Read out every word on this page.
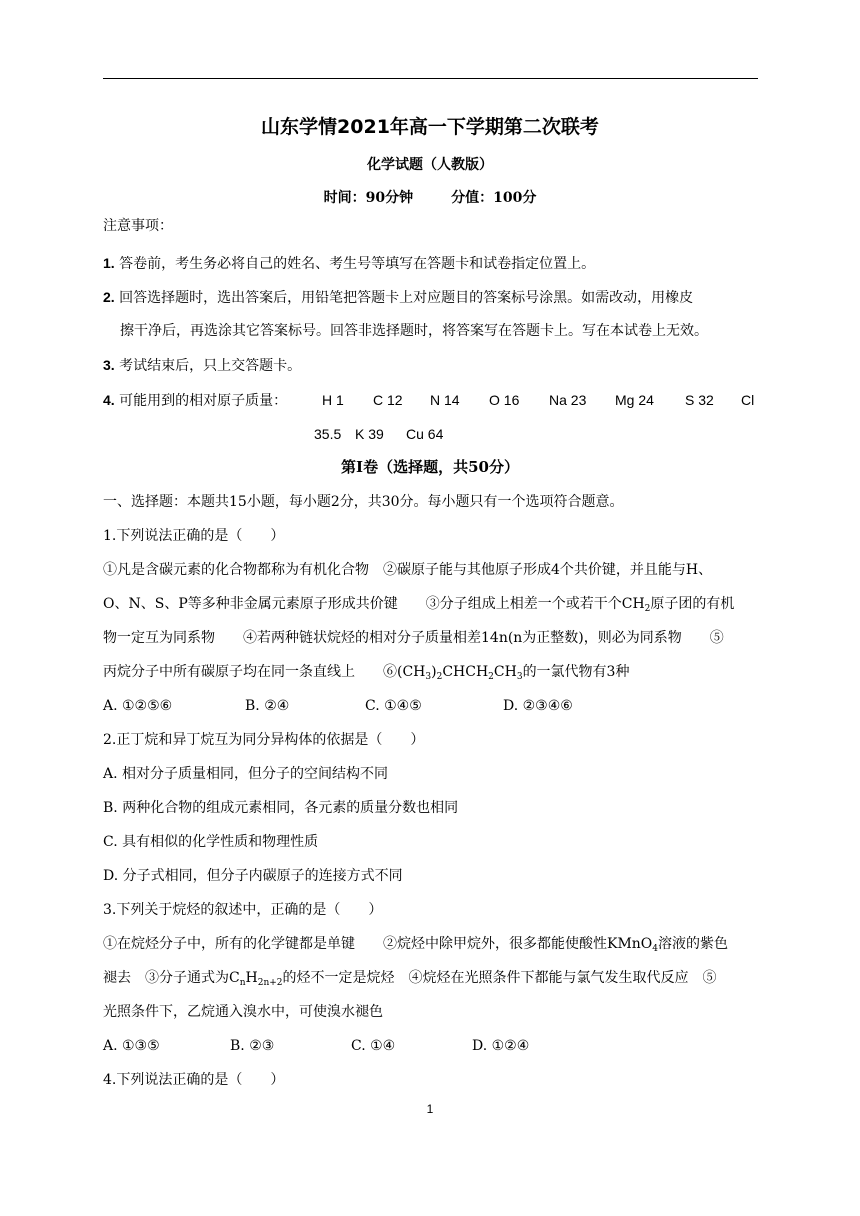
山东学情2021年高一下学期第二次联考
化学试题（人教版）
时间：90分钟	分值：100分
注意事项：
1. 答卷前，考生务必将自己的姓名、考生号等填写在答题卡和试卷指定位置上。
2. 回答选择题时，选出答案后，用铅笔把答题卡上对应题目的答案标号涂黑。如需改动，用橡皮
擦干净后，再选涂其它答案标号。回答非选择题时，将答案写在答题卡上。写在本试卷上无效。
3. 考试结束后，只上交答题卡。
4. 可能用到的相对原子质量： H 1 C 12 N 14 O 16 Na 23 Mg 24 S 32 Cl
35.5 K 39 Cu 64
第Ⅰ卷（选择题，共50分）
一、选择题：本题共15小题，每小题2分，共30分。每小题只有一个选项符合题意。
1.下列说法正确的是（　　）
①凡是含碳元素的化合物都称为有机化合物　②碳原子能与其他原子形成4个共价键，并且能与H、
O、N、S、P等多种非金属元素原子形成共价键　　③分子组成上相差一个或若干个$CH_2$原子团的有机
物一定互为同系物　　④若两种链状烷烃的相对分子质量相差14n(n为正整数)，则必为同系物　　⑤
丙烷分子中所有碳原子均在同一条直线上　　$⑥(CH_3)_2CHCH_2CH_3$的一氯代物有3种
A. ①②⑤⑥	B. ②④	C. ①④⑤	D. ②③④⑥
2.正丁烷和异丁烷互为同分异构体的依据是（　　）
A. 相对分子质量相同，但分子的空间结构不同
B. 两种化合物的组成元素相同，各元素的质量分数也相同
C. 具有相似的化学性质和物理性质
D. 分子式相同，但分子内碳原子的连接方式不同
3.下列关于烷烃的叙述中，正确的是（　　）
①在烷烃分子中，所有的化学键都是单键　　②烷烃中除甲烷外，很多都能使酸性KMnO$_4$溶液的紫色
褪去　③分子通式为$C_nH_{2n+2}$的烃不一定是烷烃　④烷烃在光照条件下都能与氯气发生取代反应　⑤
光照条件下，乙烷通入溴水中，可使溴水褪色
A. ①③⑤	B. ②③	C. ①④	D. ①②④
4.下列说法正确的是（　　）
1
